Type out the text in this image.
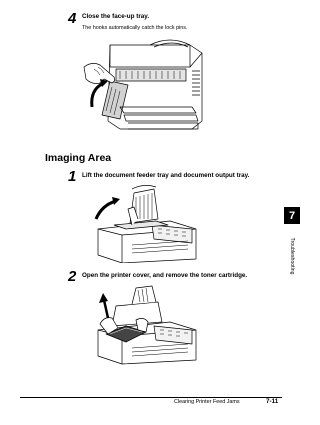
4 Close the face-up tray.
The hooks automatically catch the lock pins.
Imaging Area
1 Lift the document feeder tray and document output tray.
2 Open the printer cover, and remove the toner cartridge.
7
Troubleshooting
Clearing Printer Feed Jams	7-11
